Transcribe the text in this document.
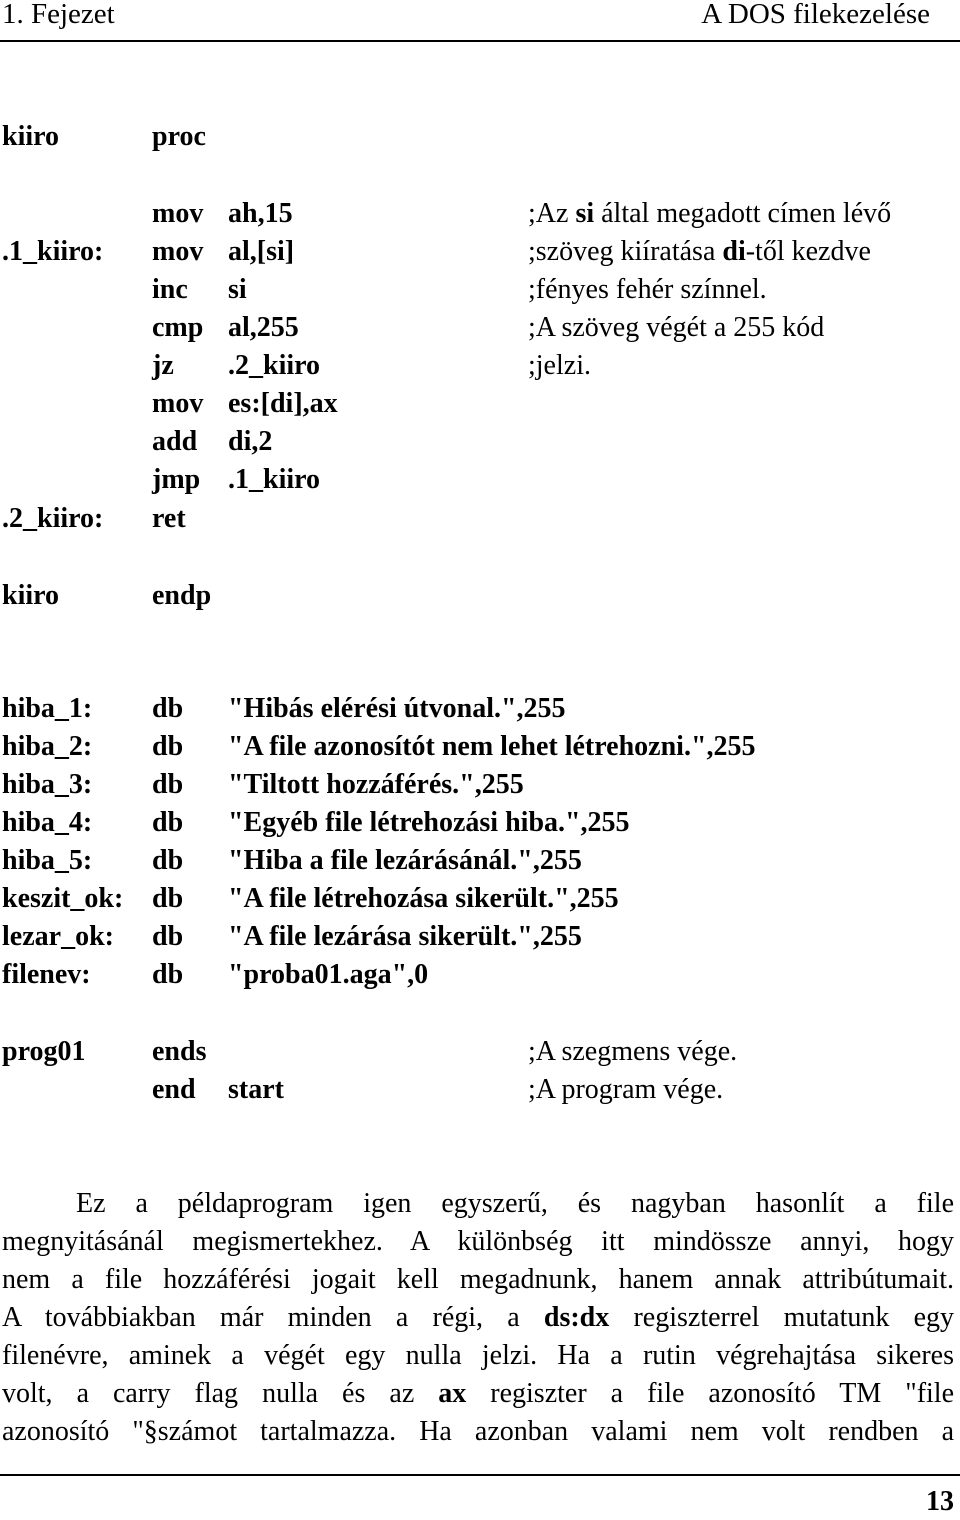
1. Fejezet	A DOS filekezelése
kiiro	proc
mov ah,15	;Az si által megadott címen lévő
.1_kiiro: mov al,[si]	;szöveg kiíratása di-től kezdve
inc si	;fényes fehér színnel.
cmp al,255	;A szöveg végét a 255 kód
jz .2_kiiro	;jelzi.
mov es:[di],ax
add di,2
jmp .1_kiiro
.2_kiiro: ret
kiiro	endp
hiba_1: db "Hibás elérési útvonal.",255
hiba_2: db "A file azonosítót nem lehet létrehozni.",255
hiba_3: db "Tiltott hozzáférés.",255
hiba_4: db "Egyéb file létrehozási hiba.",255
hiba_5: db "Hiba a file lezárásánál.",255
keszit_ok: db "A file létrehozása sikerült.",255
lezar_ok: db "A file lezárása sikerült.",255
filenev: db "proba01.aga",0
prog01 ends	;A szegmens vége.
end start	;A program vége.
Ez a példaprogram igen egyszerű, és nagyban hasonlít a file
megnyitásánál megismertekhez. A különbség itt mindössze annyi, hogy
nem a file hozzáférési jogait kell megadnunk, hanem annak attribútumait.
A továbbiakban már minden a régi, a ds:dx regiszterrel mutatunk egy
filenévre, aminek a végét egy nulla jelzi. Ha a rutin végrehajtása sikeres
volt, a carry flag nulla és az ax regiszter a file azonosító TM "file
azonosító "§számot tartalmazza. Ha azonban valami nem volt rendben a
13
